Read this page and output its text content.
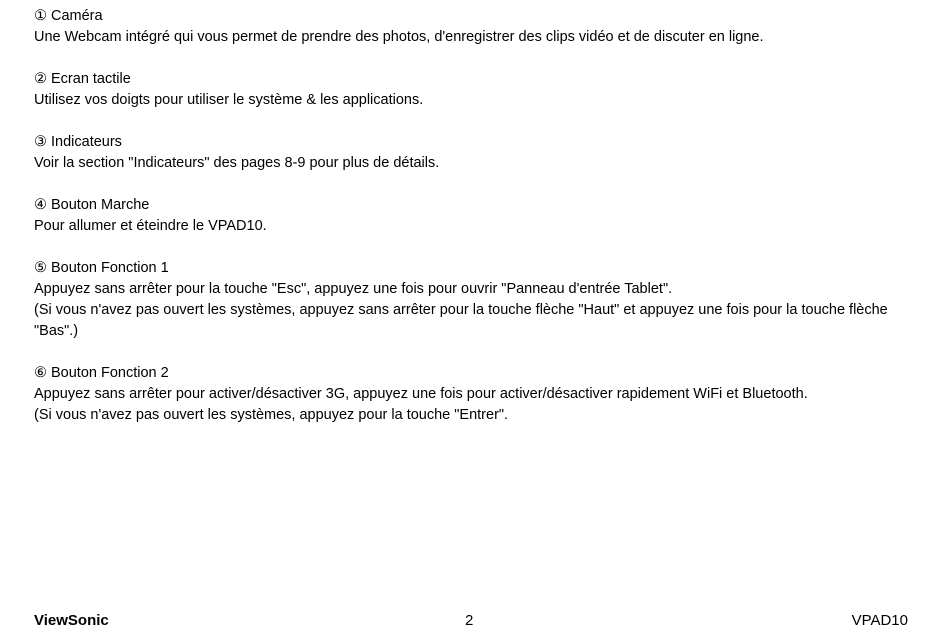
① Caméra

Une Webcam intégré qui vous permet de prendre des photos, d'enregistrer des clips vidéo et de discuter en ligne.

② Ecran tactile

Utilisez vos doigts pour utiliser le système & les applications.

③ Indicateurs

Voir la section "Indicateurs" des pages 8-9 pour plus de détails.

④ Bouton Marche

Pour allumer et éteindre le VPAD10.

⑤ Bouton Fonction 1

Appuyez sans arrêter pour la touche "Esc", appuyez une fois pour ouvrir "Panneau d'entrée Tablet".

(Si vous n'avez pas ouvert les systèmes, appuyez sans arrêter pour la touche flèche "Haut" et appuyez une fois pour la touche flèche "Bas".)

⑥ Bouton Fonction 2

Appuyez sans arrêter pour activer/désactiver 3G, appuyez une fois pour activer/désactiver rapidement WiFi et Bluetooth.

(Si vous n'avez pas ouvert les systèmes, appuyez pour la touche "Entrer".

ViewSonic	2	VPAD10
